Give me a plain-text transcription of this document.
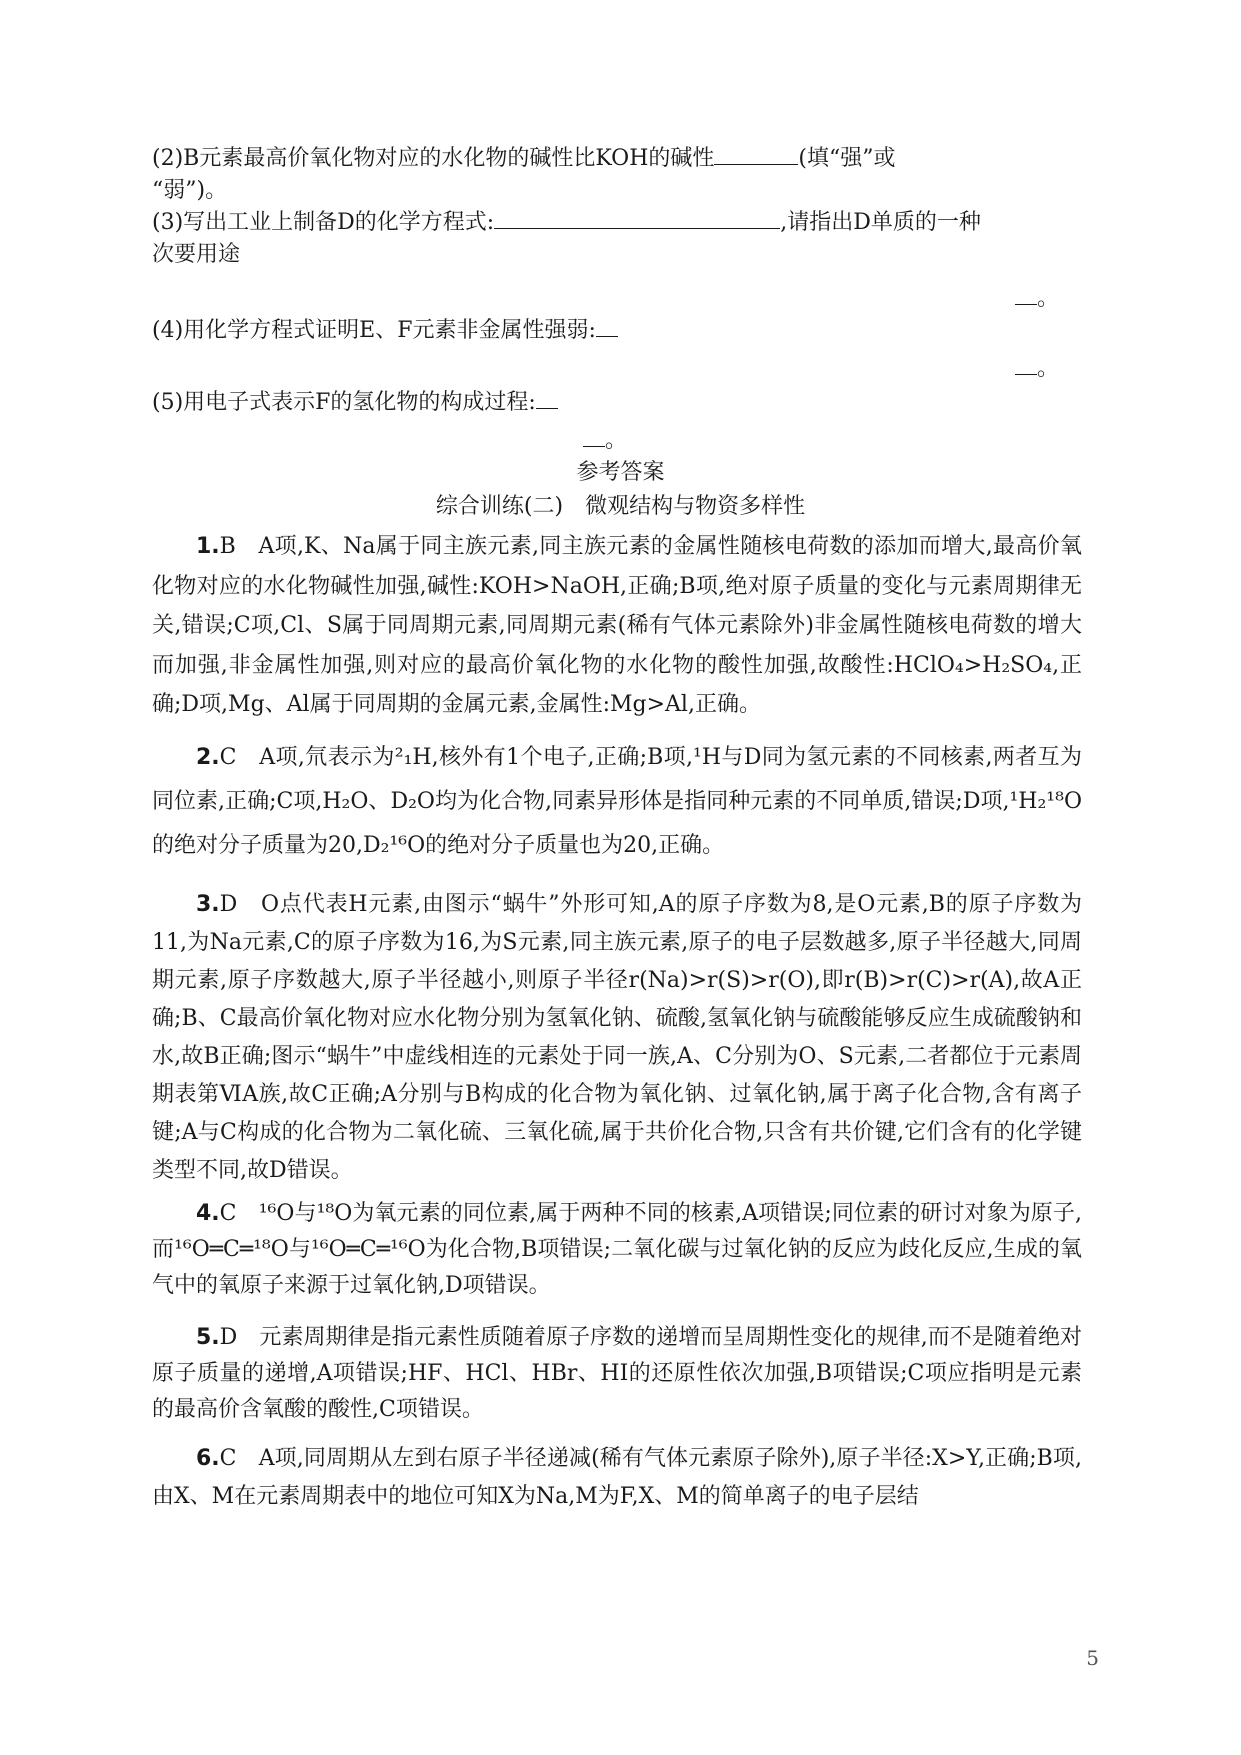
(2)B元素最高价氧化物对应的水化物的碱性比KOH的碱性	(填“强”或
“弱”)。
(3)写出工业上制备D的化学方程式:	,请指出D单质的一种
次要用途
。
(4)用化学方程式证明E、F元素非金属性强弱:
。
(5)用电子式表示F的氢化物的构成过程:
。
参考答案
综合训练(二)　微观结构与物资多样性
1.B　A项,K、Na属于同主族元素,同主族元素的金属性随核电荷数的添加而增大,最高价氧化物对应的水化物碱性加强,碱性:KOH>NaOH,正确;B项,绝对原子质量的变化与元素周期律无关,错误;C项,Cl、S属于同周期元素,同周期元素(稀有气体元素除外)非金属性随核电荷数的增大而加强,非金属性加强,则对应的最高价氧化物的水化物的酸性加强,故酸性:HClO₄>H₂SO₄,正确;D项,Mg、Al属于同周期的金属元素,金属性:Mg>Al,正确。
2.C　A项,氘表示为²₁H,核外有1个电子,正确;B项,¹H与D同为氢元素的不同核素,两者互为同位素,正确;C项,H₂O、D₂O均为化合物,同素异形体是指同种元素的不同单质,错误;D项,¹H₂¹⁸O的绝对分子质量为20,D₂¹⁶O的绝对分子质量也为20,正确。
3.D　O点代表H元素,由图示“蜗牛”外形可知,A的原子序数为8,是O元素,B的原子序数为11,为Na元素,C的原子序数为16,为S元素,同主族元素,原子的电子层数越多,原子半径越大,同周期元素,原子序数越大,原子半径越小,则原子半径r(Na)>r(S)>r(O),即r(B)>r(C)>r(A),故A正确;B、C最高价氧化物对应水化物分别为氢氧化钠、硫酸,氢氧化钠与硫酸能够反应生成硫酸钠和水,故B正确;图示“蜗牛”中虚线相连的元素处于同一族,A、C分别为O、S元素,二者都位于元素周期表第ⅥA族,故C正确;A分别与B构成的化合物为氧化钠、过氧化钠,属于离子化合物,含有离子键;A与C构成的化合物为二氧化硫、三氧化硫,属于共价化合物,只含有共价键,它们含有的化学键类型不同,故D错误。
4.C　¹⁶O与¹⁸O为氧元素的同位素,属于两种不同的核素,A项错误;同位素的研讨对象为原子,而¹⁶O═C═¹⁸O与¹⁶O═C═¹⁶O为化合物,B项错误;二氧化碳与过氧化钠的反应为歧化反应,生成的氧气中的氧原子来源于过氧化钠,D项错误。
5.D　元素周期律是指元素性质随着原子序数的递增而呈周期性变化的规律,而不是随着绝对原子质量的递增,A项错误;HF、HCl、HBr、HI的还原性依次加强,B项错误;C项应指明是元素的最高价含氧酸的酸性,C项错误。
6.C　A项,同周期从左到右原子半径递减(稀有气体元素原子除外),原子半径:X>Y,正确;B项,由X、M在元素周期表中的地位可知X为Na,M为F,X、M的简单离子的电子层结
5
